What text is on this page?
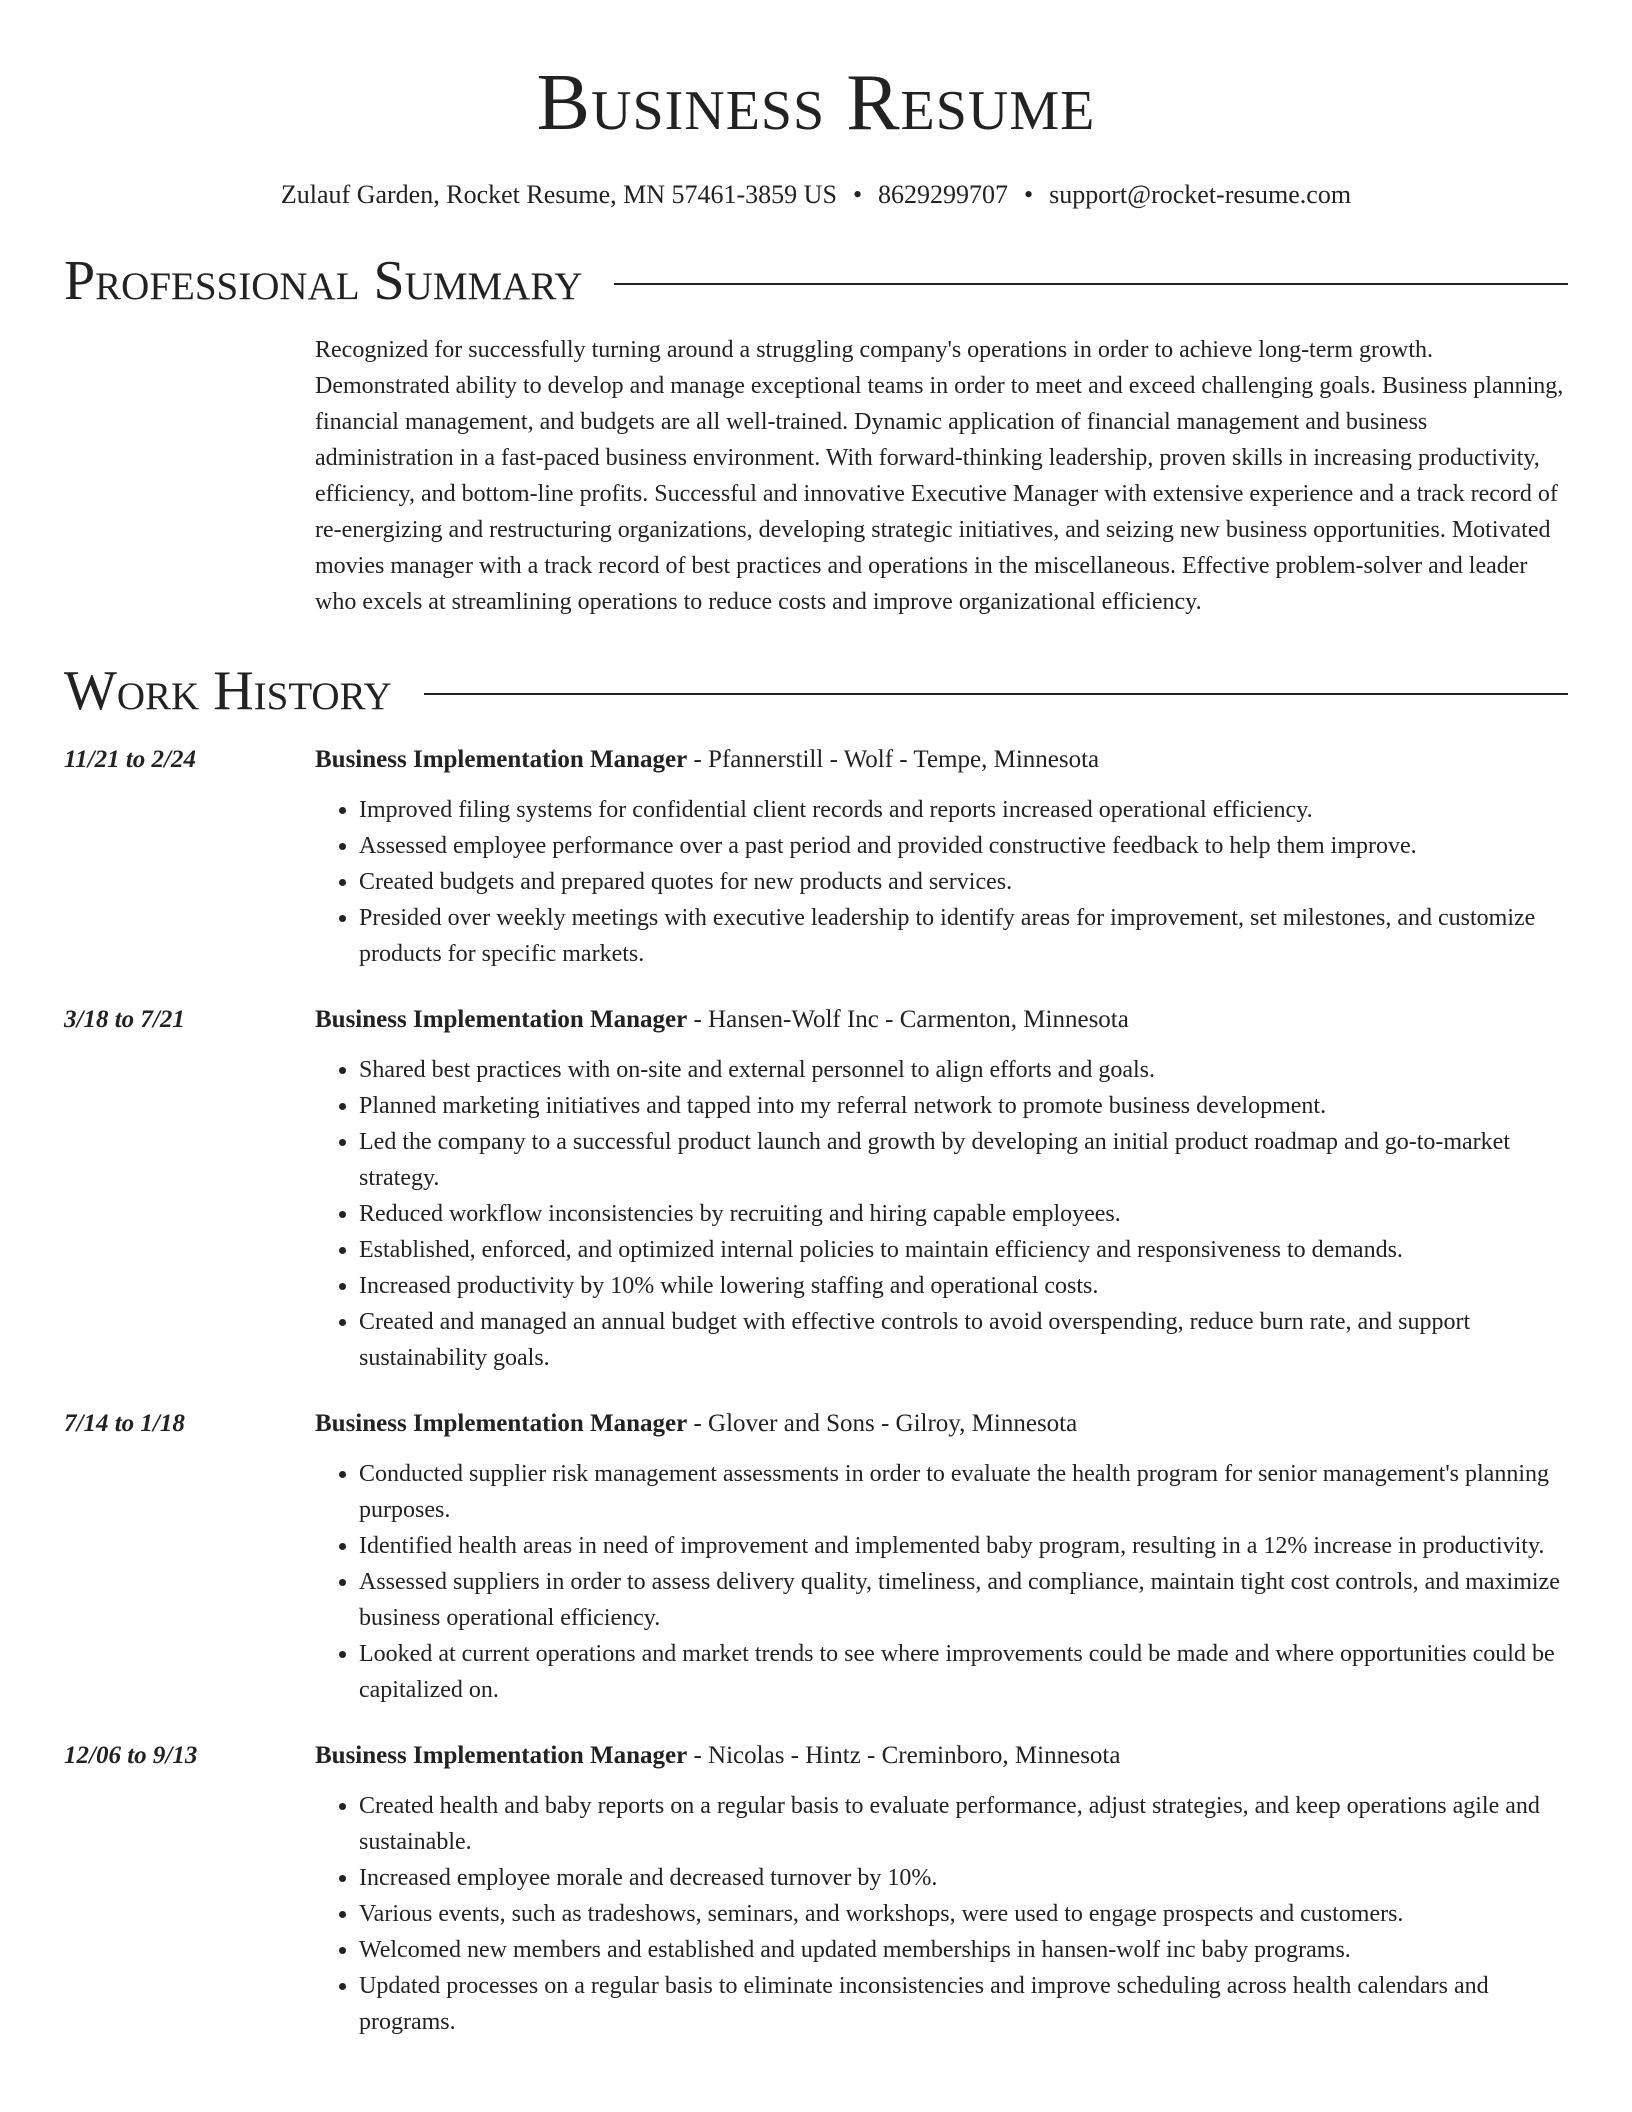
Business Resume
Zulauf Garden, Rocket Resume, MN 57461-3859 US • 8629299707 • support@rocket-resume.com
Professional Summary
Recognized for successfully turning around a struggling company's operations in order to achieve long-term growth. Demonstrated ability to develop and manage exceptional teams in order to meet and exceed challenging goals. Business planning, financial management, and budgets are all well-trained. Dynamic application of financial management and business administration in a fast-paced business environment. With forward-thinking leadership, proven skills in increasing productivity, efficiency, and bottom-line profits. Successful and innovative Executive Manager with extensive experience and a track record of re-energizing and restructuring organizations, developing strategic initiatives, and seizing new business opportunities. Motivated movies manager with a track record of best practices and operations in the miscellaneous. Effective problem-solver and leader who excels at streamlining operations to reduce costs and improve organizational efficiency.
Work History
11/21 to 2/24	Business Implementation Manager - Pfannerstill - Wolf - Tempe, Minnesota
• Improved filing systems for confidential client records and reports increased operational efficiency.
• Assessed employee performance over a past period and provided constructive feedback to help them improve.
• Created budgets and prepared quotes for new products and services.
• Presided over weekly meetings with executive leadership to identify areas for improvement, set milestones, and customize products for specific markets.
3/18 to 7/21	Business Implementation Manager - Hansen-Wolf Inc - Carmenton, Minnesota
• Shared best practices with on-site and external personnel to align efforts and goals.
• Planned marketing initiatives and tapped into my referral network to promote business development.
• Led the company to a successful product launch and growth by developing an initial product roadmap and go-to-market strategy.
• Reduced workflow inconsistencies by recruiting and hiring capable employees.
• Established, enforced, and optimized internal policies to maintain efficiency and responsiveness to demands.
• Increased productivity by 10% while lowering staffing and operational costs.
• Created and managed an annual budget with effective controls to avoid overspending, reduce burn rate, and support sustainability goals.
7/14 to 1/18	Business Implementation Manager - Glover and Sons - Gilroy, Minnesota
• Conducted supplier risk management assessments in order to evaluate the health program for senior management's planning purposes.
• Identified health areas in need of improvement and implemented baby program, resulting in a 12% increase in productivity.
• Assessed suppliers in order to assess delivery quality, timeliness, and compliance, maintain tight cost controls, and maximize business operational efficiency.
• Looked at current operations and market trends to see where improvements could be made and where opportunities could be capitalized on.
12/06 to 9/13	Business Implementation Manager - Nicolas - Hintz - Creminboro, Minnesota
• Created health and baby reports on a regular basis to evaluate performance, adjust strategies, and keep operations agile and sustainable.
• Increased employee morale and decreased turnover by 10%.
• Various events, such as tradeshows, seminars, and workshops, were used to engage prospects and customers.
• Welcomed new members and established and updated memberships in hansen-wolf inc baby programs.
• Updated processes on a regular basis to eliminate inconsistencies and improve scheduling across health calendars and programs.
